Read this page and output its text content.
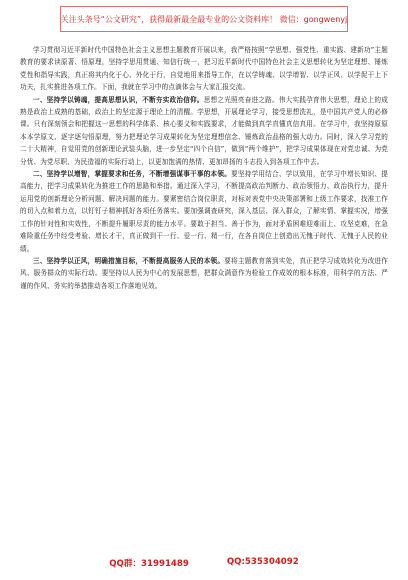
关注头条号“公文研究”，获得最新最全最专业的公文资料库！ 微信：gongwenyj

学习贯彻习近平新时代中国特色社会主义思想主题教育开展以来，我严格按照“学思想、强党性、重实践、建新功”主题教育的要求读原著、悟原理，坚持学思用贯通、知信行统一，把习近平新时代中国特色社会主义思想转化为坚定理想、锤炼党性和指导实践，真正将其内化于心、外化于行，自觉地用来指导工作，在以学铸魂、以学增智、以学正风、以学促干上下功夫，扎实推进各项工作。下面，我就在学习中的点滴体会与大家汇报交流。

一、坚持学以铸魂，提高思想认识，不断夯实政治信仰。思想之光照亮奋进之路。伟大实践孕育伟大思想，理论上的成熟是政治上成熟的基础，政治上的坚定源于理论上的清醒。学思想，开展理论学习，接受思想洗礼，是中国共产党人的必修课。只有深刻领会和把握这一思想的科学体系、核心要义和实践要求，才能做到真学真懂真信真用。在学习中，我坚持原原本本学原文、逐字逐句悟原理，努力把理论学习成果转化为坚定理想信念、锤炼政治品格的强大动力。同时，深入学习党的二十大精神，自觉用党的创新理论武装头脑，进一步坚定“四个自信”，做到“两个维护”，把学习成果体现在对党忠诚、为党分忧、为党尽职、为民造福的实际行动上，以更加饱满的热情、更加昂扬的斗志投入到各项工作中去。

二、坚持学以增智，掌握要求和任务，不断增强谋事干事的本领。要坚持学用结合、学以致用，在学习中增长知识、提高能力，把学习成果转化为推进工作的思路和举措。通过深入学习，不断提高政治判断力、政治领悟力、政治执行力，提升运用党的创新理论分析问题、解决问题的能力。要紧密结合岗位职责，对标对表党中央决策部署和上级工作要求，找准工作的切入点和着力点，以钉钉子精神抓好各项任务落实。要加强调查研究，深入基层、深入群众，了解实情、掌握实况，增强工作的针对性和实效性，不断提升履职尽责的能力水平。要敢于担当、善于作为，面对矛盾困难迎难而上、攻坚克难，在急难险重任务中经受考验、增长才干，真正做到干一行、爱一行、精一行，在各自岗位上创造出无愧于时代、无愧于人民的业绩。

三、坚持学以正风，明确措施目标，不断提高服务人民的本领。要将主题教育落到实处，真正把学习成效转化为改进作风、服务群众的实际行动。要坚持以人民为中心的发展思想，把群众满意作为检验工作成效的根本标准，用科学的方法、严谨的作风、务实的举措推动各项工作落地见效。

QQ群：31991489	QQ:535304092
